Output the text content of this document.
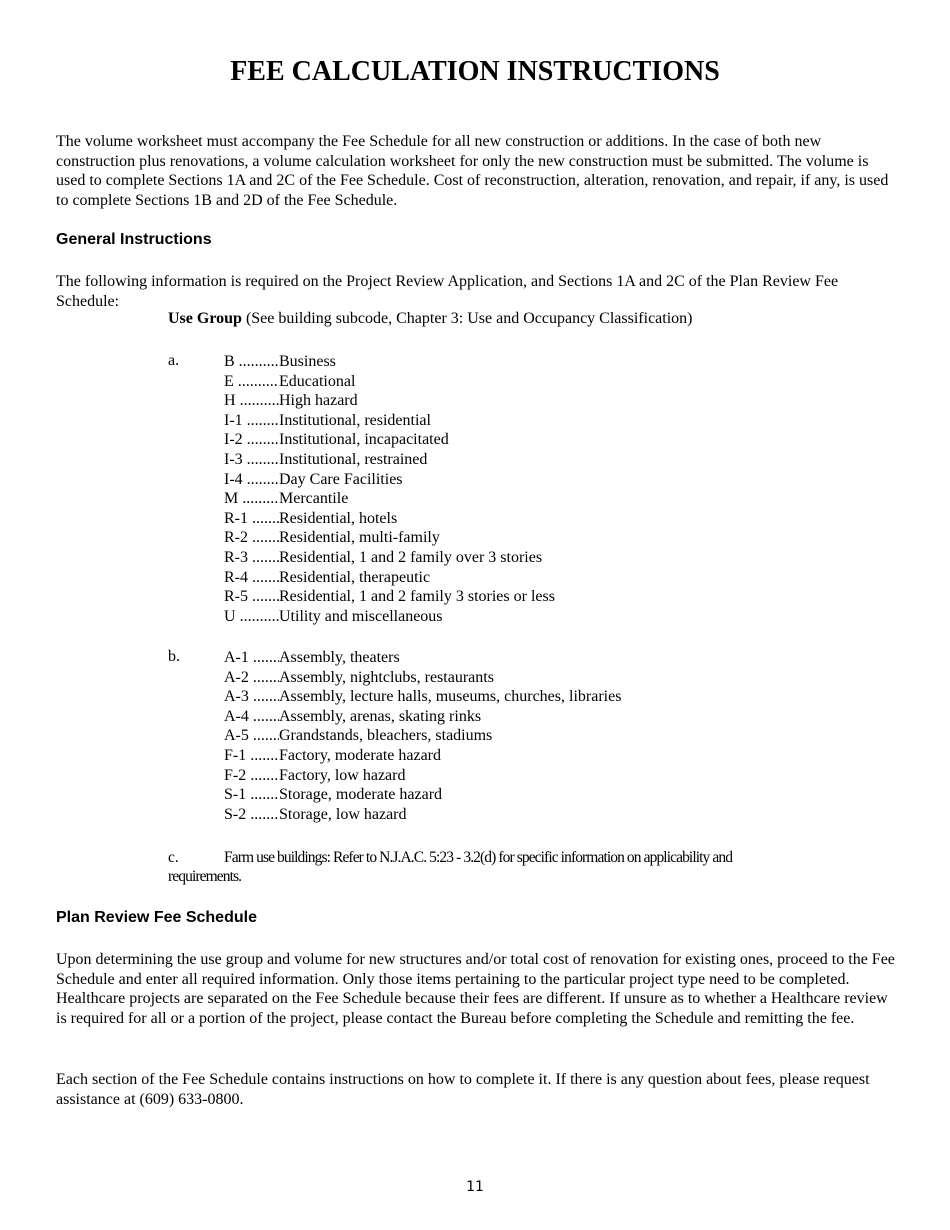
FEE CALCULATION INSTRUCTIONS

The volume worksheet must accompany the Fee Schedule for all new construction or additions. In the case of both new construction plus renovations, a volume calculation worksheet for only the new construction must be submitted. The volume is used to complete Sections 1A and 2C of the Fee Schedule. Cost of reconstruction, alteration, renovation, and repair, if any, is used to complete Sections 1B and 2D of the Fee Schedule.

General Instructions

The following information is required on the Project Review Application, and Sections 1A and 2C of the Plan Review Fee Schedule:

Use Group (See building subcode, Chapter 3: Use and Occupancy Classification)

a.	B .....	Business
E .....	Educational
H .....	High hazard
I-1 ..... Institutional, residential
I-2 ..... Institutional, incapacitated
I-3 ..... Institutional, restrained
I-4 ..... Day Care Facilities
M .....	Mercantile
R-1 ..... Residential, hotels
R-2 ..... Residential, multi-family
R-3 ..... Residential, 1 and 2 family over 3 stories
R-4 ..... Residential, therapeutic
R-5 ..... Residential, 1 and 2 family 3 stories or less
U .....	Utility and miscellaneous
b.	A-1 ..... Assembly, theaters
A-2 ..... Assembly, nightclubs, restaurants
A-3 ..... Assembly, lecture halls, museums, churches, libraries
A-4 ..... Assembly, arenas, skating rinks
A-5 ..... Grandstands, bleachers, stadiums
F-1 ..... Factory, moderate hazard
F-2 ..... Factory, low hazard
S-1 ..... Storage, moderate hazard
S-2 ..... Storage, low hazard

c.	Farm use buildings: Refer to N.J.A.C. 5:23 - 3.2(d) for specific information on applicability and requirements.

Plan Review Fee Schedule

Upon determining the use group and volume for new structures and/or total cost of renovation for existing ones, proceed to the Fee Schedule and enter all required information. Only those items pertaining to the particular project type need to be completed. Healthcare projects are separated on the Fee Schedule because their fees are different. If unsure as to whether a Healthcare review is required for all or a portion of the project, please contact the Bureau before completing the Schedule and remitting the fee.

Each section of the Fee Schedule contains instructions on how to complete it. If there is any question about fees, please request assistance at (609) 633-0800.

11
